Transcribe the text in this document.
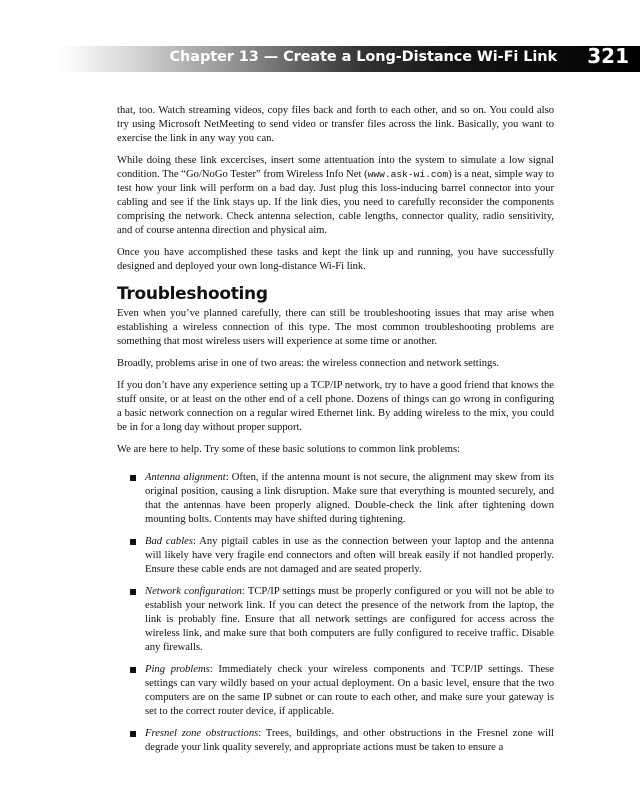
Chapter 13 — Create a Long-Distance Wi-Fi Link 321

that, too. Watch streaming videos, copy files back and forth to each other, and so on. You could also try using Microsoft NetMeeting to send video or transfer files across the link. Basically, you want to exercise the link in any way you can.

While doing these link excercises, insert some attentuation into the system to simulate a low signal condition. The “Go/NoGo Tester” from Wireless Info Net (www.ask-wi.com) is a neat, simple way to test how your link will perform on a bad day. Just plug this loss-inducing barrel connector into your cabling and see if the link stays up. If the link dies, you need to carefully reconsider the components comprising the network. Check antenna selection, cable lengths, connector quality, radio sensitivity, and of course antenna direction and physical aim.

Once you have accomplished these tasks and kept the link up and running, you have successfully designed and deployed your own long-distance Wi-Fi link.

Troubleshooting

Even when you’ve planned carefully, there can still be troubleshooting issues that may arise when establishing a wireless connection of this type. The most common troubleshooting problems are something that most wireless users will experience at some time or another.

Broadly, problems arise in one of two areas: the wireless connection and network settings.

If you don’t have any experience setting up a TCP/IP network, try to have a good friend that knows the stuff onsite, or at least on the other end of a cell phone. Dozens of things can go wrong in configuring a basic network connection on a regular wired Ethernet link. By adding wireless to the mix, you could be in for a long day without proper support.

We are here to help. Try some of these basic solutions to common link problems:

Antenna alignment: Often, if the antenna mount is not secure, the alignment may skew from its original position, causing a link disruption. Make sure that everything is mounted securely, and that the antennas have been properly aligned. Double-check the link after tightening down mounting bolts. Contents may have shifted during tightening.
Bad cables: Any pigtail cables in use as the connection between your laptop and the antenna will likely have very fragile end connectors and often will break easily if not handled properly. Ensure these cable ends are not damaged and are seated properly.
Network configuration: TCP/IP settings must be properly configured or you will not be able to establish your network link. If you can detect the presence of the network from the laptop, the link is probably fine. Ensure that all network settings are configured for access across the wireless link, and make sure that both computers are fully configured to receive traffic. Disable any firewalls.
Ping problems: Immediately check your wireless components and TCP/IP settings. These settings can vary wildly based on your actual deployment. On a basic level, ensure that the two computers are on the same IP subnet or can route to each other, and make sure your gateway is set to the correct router device, if applicable.
Fresnel zone obstructions: Trees, buildings, and other obstructions in the Fresnel zone will degrade your link quality severely, and appropriate actions must be taken to ensure a
